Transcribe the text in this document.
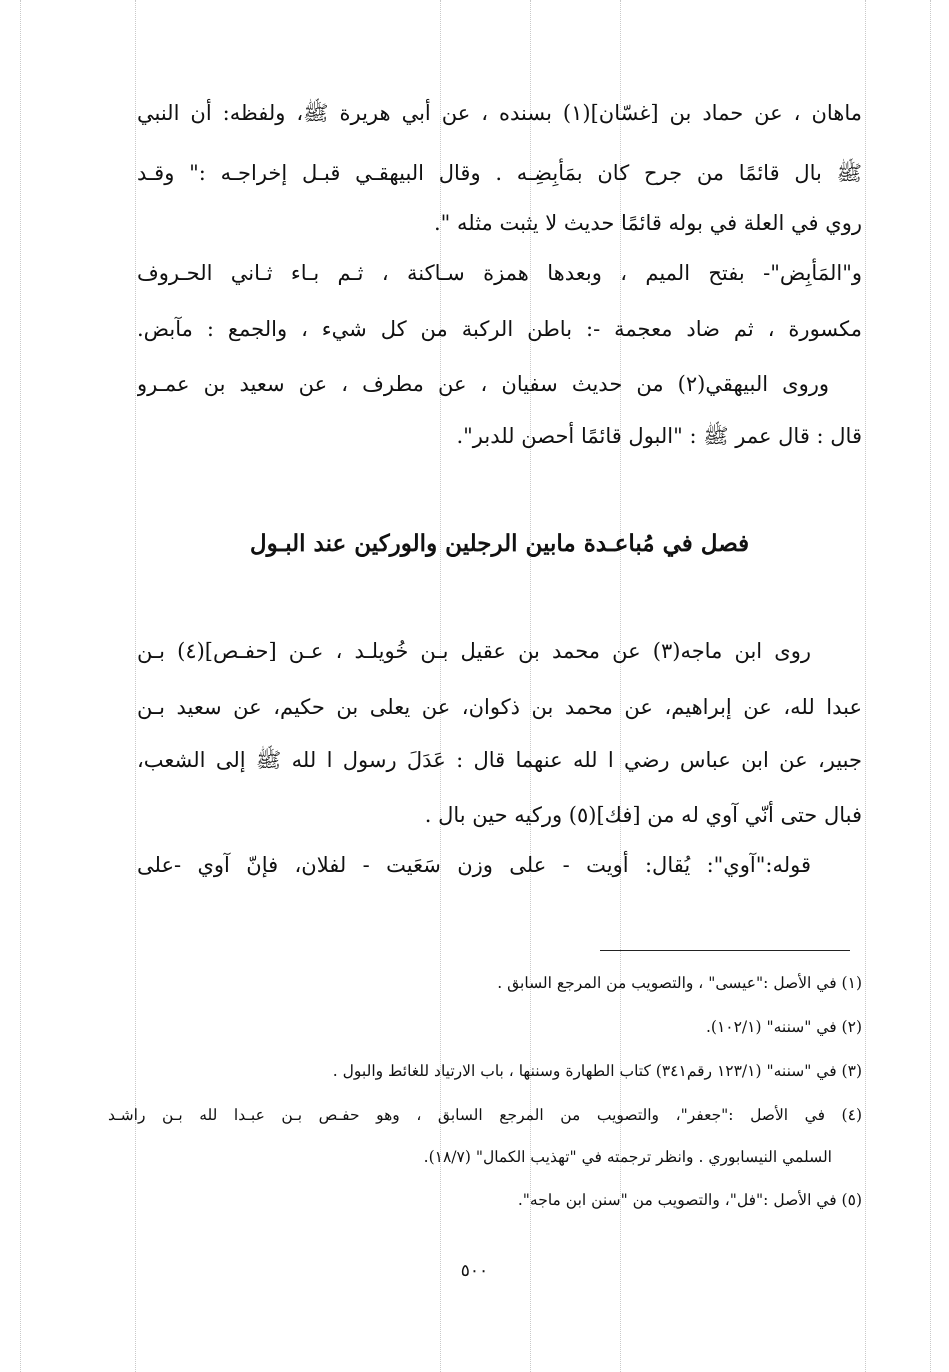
ماهان ، عن حماد بن [غسّان](١) بسنده ، عن أبي هريرة ﷺ، ولفظه: أن النبي
ﷺ بال قائمًا من جرح كان بمَأْبِضِـه . وقال البيهقـي قبـل إخراجـه :" وقـد
روي في العلة في بوله قائمًا حديث لا يثبت مثله ".
و"المَأْبِض"- بفتح الميم ، وبعدها همزة سـاكنة ، ثـم بـاء ثـاني الحـروف
مكسورة ، ثم ضاد معجمة -: باطن الركبة من كل شيء ، والجمع : مآبض.
وروى البيهقي(٢) من حديث سفيان ، عن مطرف ، عن سعيد بن عمـرو
قال : قال عمر ﷺ : "البول قائمًا أحصن للدبر".
فصل في مُباعـدة مابين الرجلين والوركين عند البـول
روى ابن ماجه(٣) عن محمد بن عقيل بـن خُويلـد ، عـن [حفـص](٤) بـن
عبدا لله، عن إبراهيم، عن محمد بن ذكوان، عن يعلى بن حكيم، عن سعيد بـن
جبير، عن ابن عباس رضي ا لله عنهما قال : عَدَلَ رسول ا لله ﷺ إلى الشعب،
فبال حتى أنّي آوي له من [فك](٥) وركيه حين بال .
قوله:"آوي": يُقال: أويت - على وزن سَعَيت - لفلان، فإنّ آوي -على
(١) في الأصل :"عيسى" ، والتصويب من المرجع السابق .
(٢) في "سننه" (١٠٢/١).
(٣) في "سننه" (١٢٣/١ رقم٣٤١) كتاب الطهارة وسننها ، باب الارتياد للغائط والبول .
(٤) في الأصل :"جعفر"، والتصويب من المرجع السابق ، وهو حفـص بـن عبـدا لله بـن راشـد
السلمي النيسابوري . وانظر ترجمته في "تهذيب الكمال" (١٨/٧).
(٥) في الأصل :"فل"، والتصويب من "سنن ابن ماجه".
٥٠٠
